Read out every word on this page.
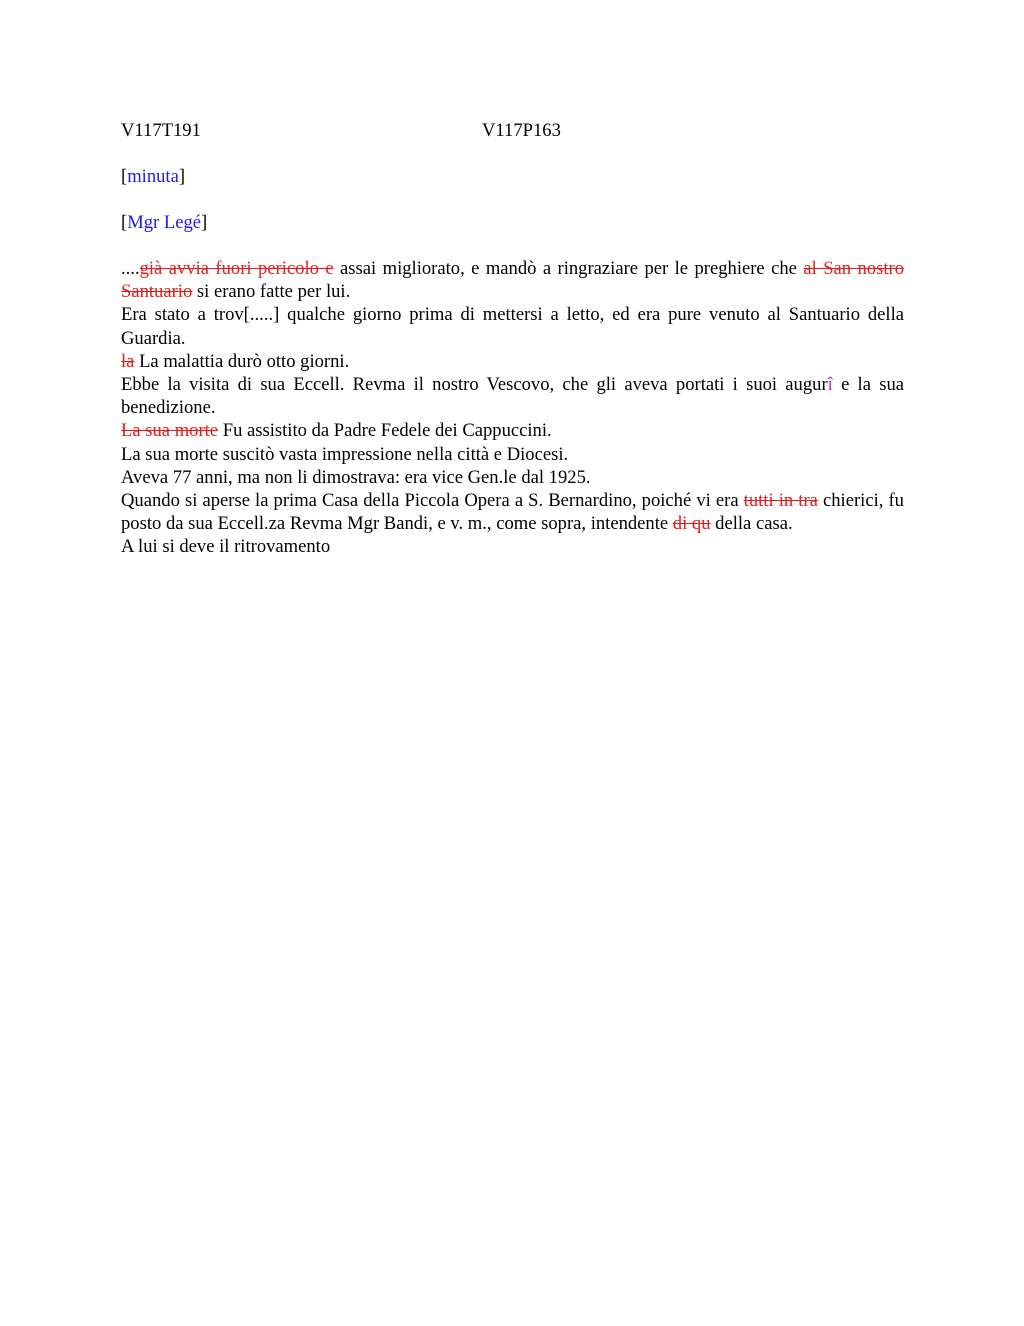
V117T191	V117P163
[minuta]
[Mgr Legé]

....già avvia fuori pericolo e assai migliorato, e mandò a ringraziare per le preghiere che al San nostro Santuario si erano fatte per lui.

Era stato a trov[.....] qualche giorno prima di mettersi a letto, ed era pure venuto al Santuario della Guardia.

la La malattia durò otto giorni.

Ebbe la visita di sua Eccell. Revma il nostro Vescovo, che gli aveva portati i suoi augurî e la sua benedizione.

La sua morte Fu assistito da Padre Fedele dei Cappuccini.

La sua morte suscitò vasta impressione nella città e Diocesi.

Aveva 77 anni, ma non li dimostrava: era vice Gen.le dal 1925.

Quando si aperse la prima Casa della Piccola Opera a S. Bernardino, poiché vi era tutti in tra chierici, fu posto da sua Eccell.za Revma Mgr Bandi, e v. m., come sopra, intendente di qu della casa.

A lui si deve il ritrovamento
